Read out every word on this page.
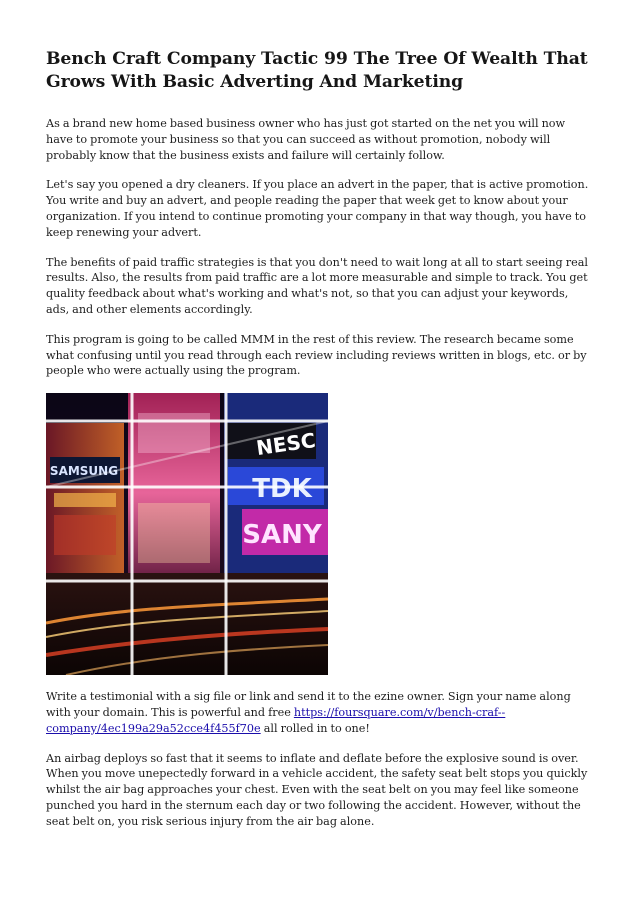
Bench Craft Company Tactic 99 The Tree Of Wealth That Grows With Basic Adverting And Marketing

As a brand new home based business owner who has just got started on the net you will now have to promote your business so that you can succeed as without promotion, nobody will probably know that the business exists and failure will certainly follow.

Let's say you opened a dry cleaners. If you place an advert in the paper, that is active promotion. You write and buy an advert, and people reading the paper that week get to know about your organization. If you intend to continue promoting your company in that way though, you have to keep renewing your advert.

The benefits of paid traffic strategies is that you don't need to wait long at all to start seeing real results. Also, the results from paid traffic are a lot more measurable and simple to track. You get quality feedback about what's working and what's not, so that you can adjust your keywords, ads, and other elements accordingly.

This program is going to be called MMM in the rest of this review. The research became some what confusing until you read through each review including reviews written in blogs, etc. or by people who were actually using the program.

SAMSUNG
NESC
TDK
SANY

Write a testimonial with a sig file or link and send it to the ezine owner. Sign your name along with your domain. This is powerful and free https://foursquare.com/v/bench-craf--company/4ec199a29a52cce4f455f70e all rolled in to one!

An airbag deploys so fast that it seems to inflate and deflate before the explosive sound is over. When you move unepectedly forward in a vehicle accident, the safety seat belt stops you quickly whilst the air bag approaches your chest. Even with the seat belt on you may feel like someone punched you hard in the sternum each day or two following the accident. However, without the seat belt on, you risk serious injury from the air bag alone.
